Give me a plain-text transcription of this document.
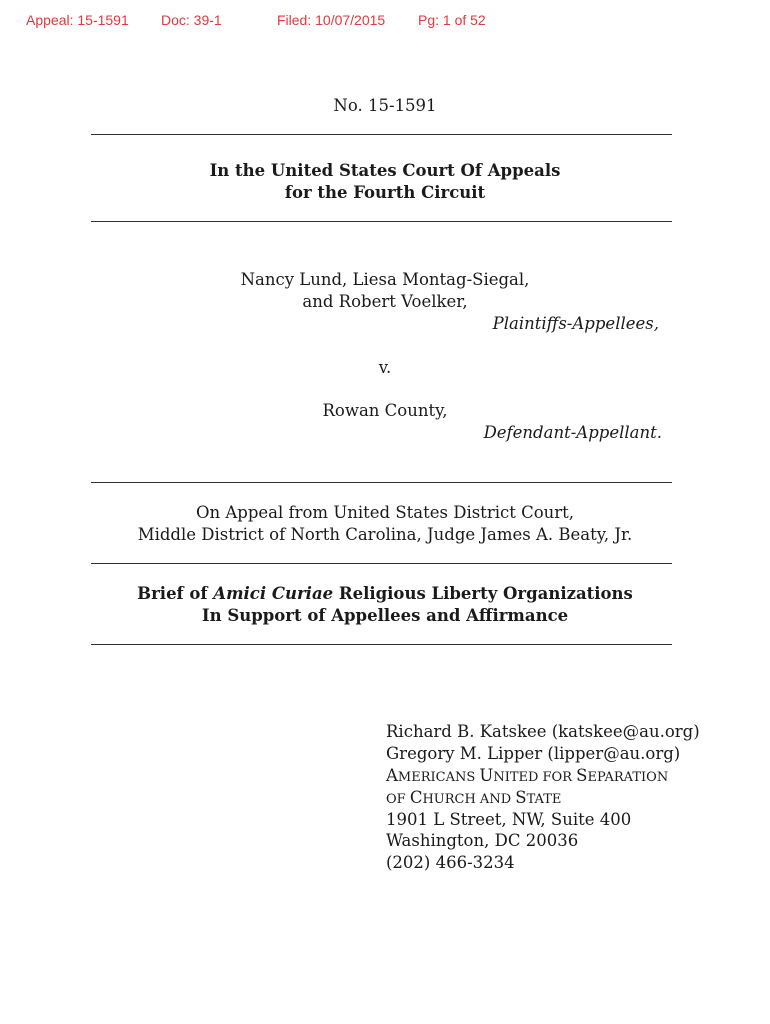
Appeal: 15-1591 Doc: 39-1	Filed: 10/07/2015 Pg: 1 of 52
No. 15-1591
In the United States Court Of Appeals
for the Fourth Circuit
Nancy Lund, Liesa Montag-Siegal,
and Robert Voelker,
Plaintiffs-Appellees,
v.
Rowan County,
Defendant-Appellant.
On Appeal from United States District Court,
Middle District of North Carolina, Judge James A. Beaty, Jr.
Brief of Amici Curiae Religious Liberty Organizations
In Support of Appellees and Affirmance
Richard B. Katskee (katskee@au.org)
Gregory M. Lipper (lipper@au.org)
AMERICANS UNITED FOR SEPARATION
OF CHURCH AND STATE
1901 L Street, NW, Suite 400
Washington, DC 20036
(202) 466-3234
